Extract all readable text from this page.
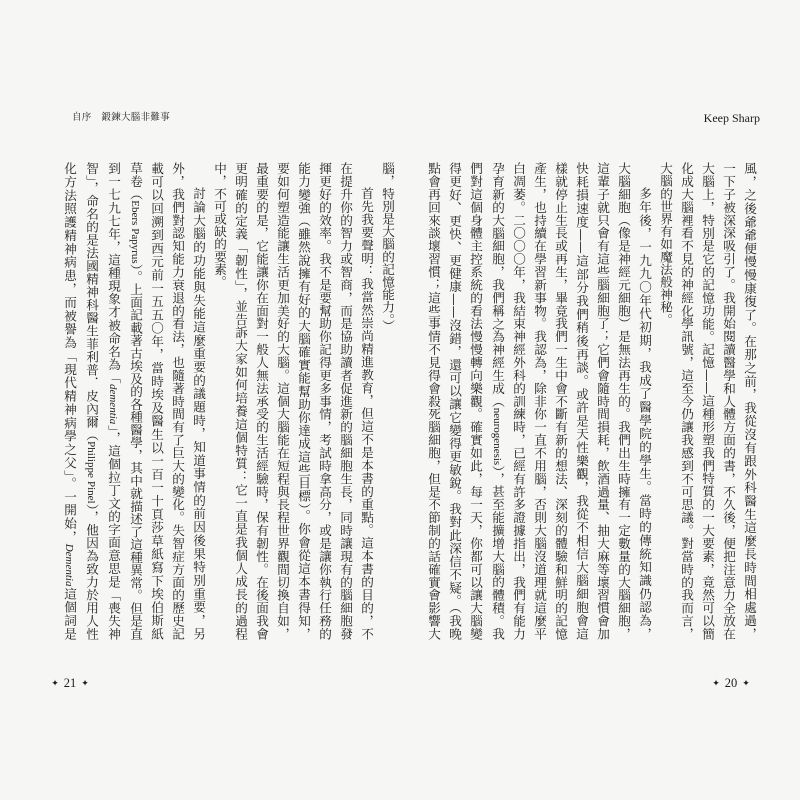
自序　鍛鍊大腦非難事
腦，特別是大腦的記憶能力。）
首先我要聲明：我當然崇尚精進教育，但這不是本書的重點。這本書的目的，不
在提升你的智力或智商，而是協助讀者促進新的腦細胞生長，同時讓現有的腦細胞發
揮更好的效率。我不是要幫助你記得更多事情，考試時拿高分，或是讓你執行任務的
能力變強（雖然說擁有好的大腦確實能幫助你達成這些目標）。你會從這本書得知，
要如何塑造能讓生活更加美好的大腦。這個大腦能在短程與長程世界觀間切換自如，
最重要的是，它能讓你在面對一般人無法承受的生活經驗時，保有韌性。在後面我會
更明確的定義「韌性」，並告訴大家如何培養這個特質：它一直是我個人成長的過程
中，不可或缺的要素。
討論大腦的功能與失能這麼重要的議題時，知道事情的前因後果特別重要，另
外，我們對認知能力衰退的看法，也隨著時間有了巨大的變化。失智症方面的歷史記
載可以回溯到西元前一五五〇年，當時埃及醫生以一百一十頁莎草紙寫下埃伯斯紙
草卷（Ebers Papyrus）。上面記載著古埃及的各種醫學，其中就描述了這種異常。但是直
到一七九七年，這種現象才被命名為「dementia」，這個拉丁文的字面意思是「喪失神
智」，命名的是法國精神科醫生菲利普．皮內爾（Philippe Pinel），他因為致力於用人性
化方法照護精神病患，而被譽為「現代精神病學之父」。一開始，Dementia這個詞是
✦ 21 ✦
Keep Sharp
風，之後爺爺便慢慢康復了。在那之前，我從沒有跟外科醫生這麼長時間相處過，
一下子被深深吸引了。我開始閱讀醫學和人體方面的書，不久後，便把注意力全放在
大腦上，特別是它的記憶功能。記憶——這種形塑我們特質的一大要素，竟然可以簡
化成大腦裡看不見的神經化學訊號，這至今仍讓我感到不可思議。對當時的我而言，
大腦的世界有如魔法般神秘。
多年後，一九九〇年代初期，我成了醫學院的學生。當時的傳統知識仍認為，
大腦細胞（像是神經元細胞）是無法再生的。我們出生時擁有一定數量的大腦細胞，
這輩子就只會有這些腦細胞了；它們會隨時間損耗，飲酒過量、抽大麻等壞習慣會加
快耗損速度——這部分我們稍後再談。或許是天性樂觀，我從不相信大腦細胞會這
樣就停止生長或再生，畢竟我們一生中會不斷有新的想法、深刻的體驗和鮮明的記憶
產生，也持續在學習新事物。我認為，除非你一直不用腦，否則大腦沒道理就這麼平
白凋萎。二〇〇〇年，我結束神經外科的訓練時，已經有許多證據指出，我們有能力
孕育新的大腦細胞，我們稱之為神經生成（neurogenesis），甚至能擴增大腦的體積。我
們對這個身體主控系統的看法慢慢轉向樂觀。確實如此，每一天，你都可以讓大腦變
得更好、更快、更健康——沒錯，還可以讓它變得更敏銳。我對此深信不疑。（我晚
點會再回來談壞習慣；這些事情不見得會殺死腦細胞，但是不節制的話確實會影響大
✦ 20 ✦
